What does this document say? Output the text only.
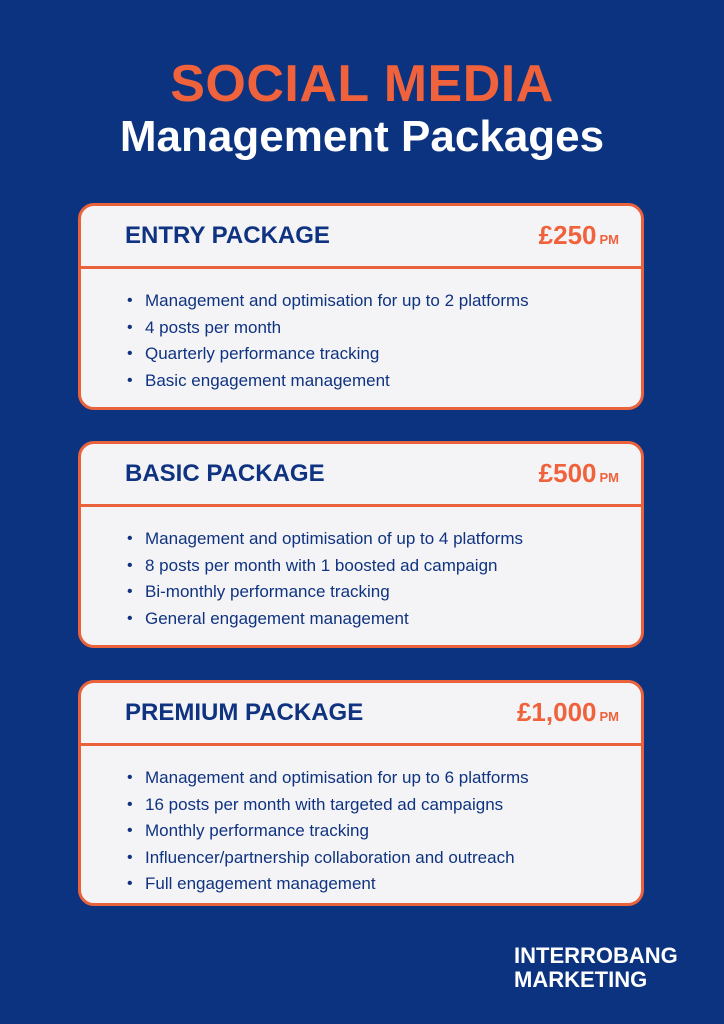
SOCIAL MEDIA
Management Packages
ENTRY PACKAGE	£250 PM
• Management and optimisation for up to 2 platforms
• 4 posts per month
• Quarterly performance tracking
• Basic engagement management
BASIC PACKAGE	£500 PM
• Management and optimisation of up to 4 platforms
• 8 posts per month with 1 boosted ad campaign
• Bi-monthly performance tracking
• General engagement management
PREMIUM PACKAGE	£1,000 PM
• Management and optimisation for up to 6 platforms
• 16 posts per month with targeted ad campaigns
• Monthly performance tracking
• Influencer/partnership collaboration and outreach
• Full engagement management
INTERROBANG
MARKETING
